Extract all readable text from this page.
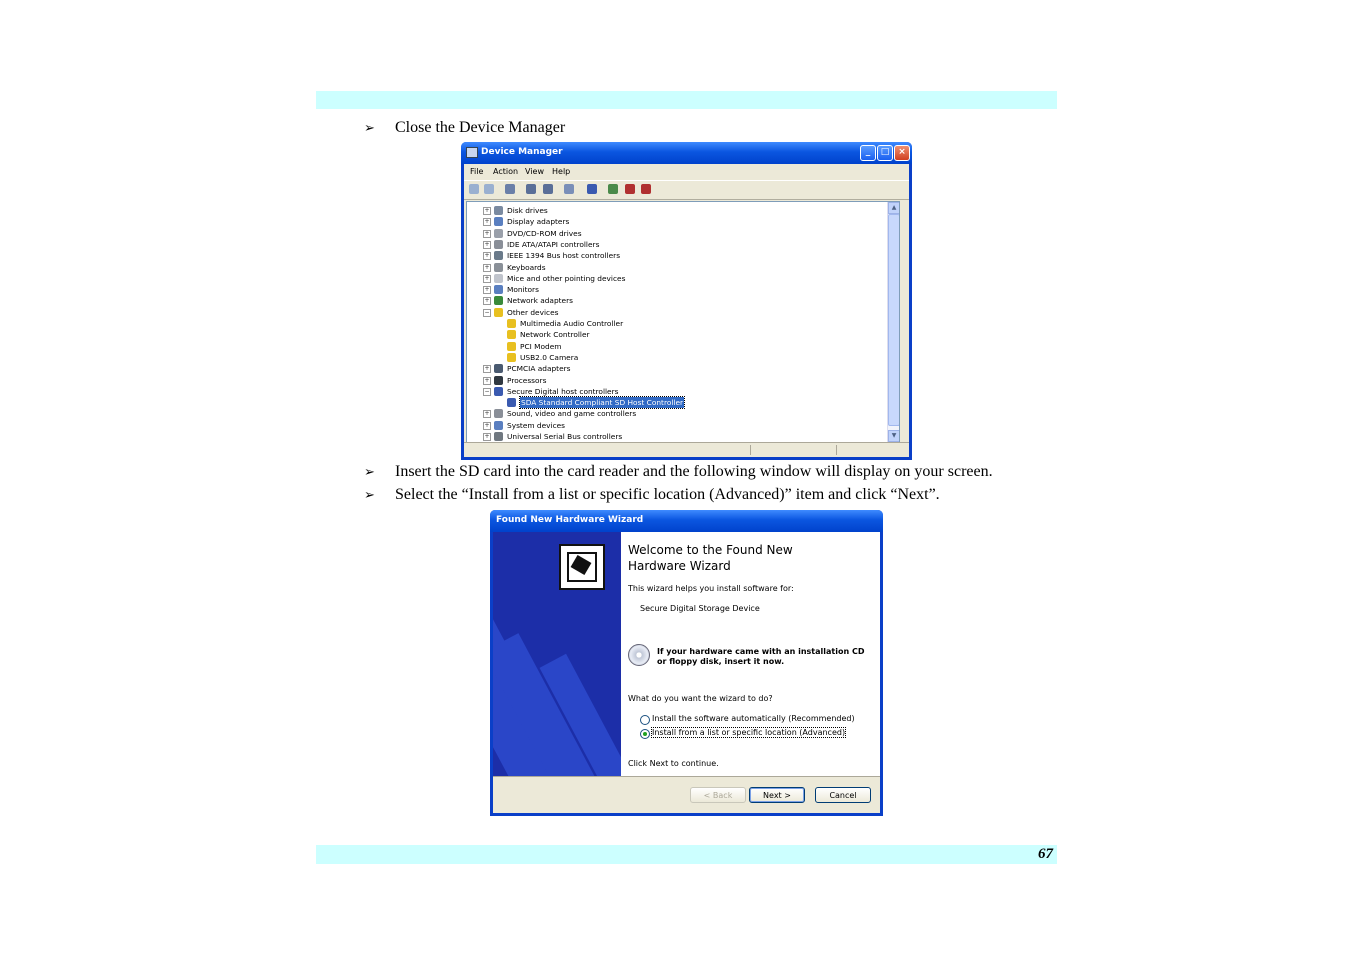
➢ Close the Device Manager
Device Manager	_	□ ×
File Action View Help
▲
▼
+ Disk drives
+ Display adapters
+ DVD/CD-ROM drives
+ IDE ATA/ATAPI controllers
+ IEEE 1394 Bus host controllers
+ Keyboards
+ Mice and other pointing devices
+ Monitors
+ Network adapters
− Other devices
Multimedia Audio Controller
Network Controller
PCI Modem
USB2.0 Camera
+ PCMCIA adapters
+ Processors
− Secure Digital host controllers
SDA Standard Compliant SD Host Controller
+ Sound, video and game controllers
+ System devices
+ Universal Serial Bus controllers
➢ Insert the SD card into the card reader and the following window will display on your screen.
➢ Select the “Install from a list or specific location (Advanced)” item and click “Next”.
Found New Hardware Wizard
Welcome to the Found New Hardware Wizard
This wizard helps you install software for:
Secure Digital Storage Device
If your hardware came with an installation CD or floppy disk, insert it now.
What do you want the wizard to do?
Install the software automatically (Recommended)
Install from a list or specific location (Advanced)
Click Next to continue.
< Back	Next >	Cancel
67
